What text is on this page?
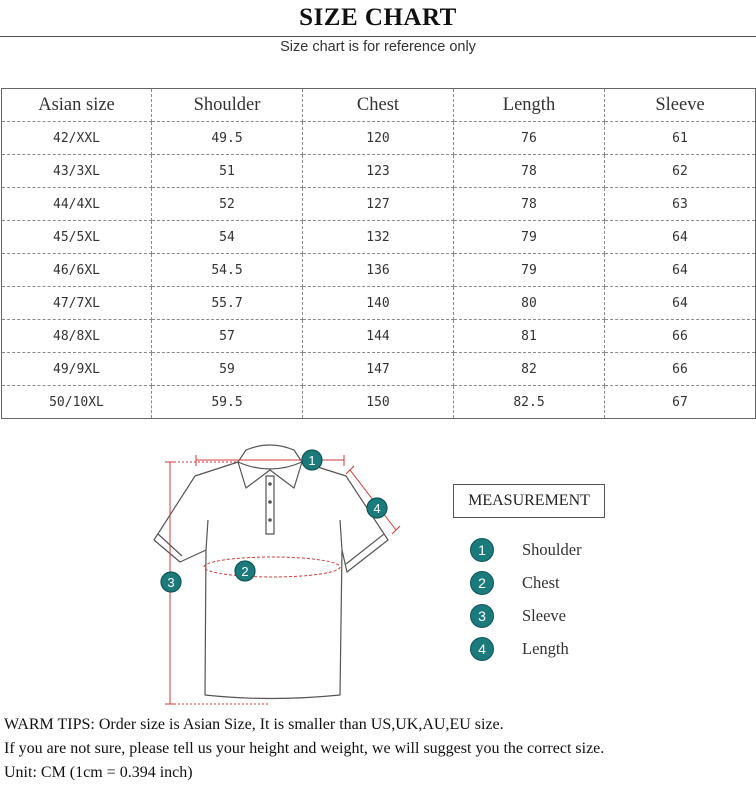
SIZE CHART
Size chart is for reference only
Asian size	Shoulder	Chest	Length	Sleeve
42/XXL	49.5	120	76	61
43/3XL	51	123	78	62
44/4XL	52	127	78	63
45/5XL	54	132	79	64
46/6XL	54.5	136	79	64
47/7XL	55.7	140	80	64
48/8XL	57	144	81	66
49/9XL	59	147	82	66
50/10XL	59.5	150	82.5	67
1
2
3
4	MEASUREMENT
1	Shoulder
2	Chest
3	Sleeve
4	Length
WARM TIPS: Order size is Asian Size, It is smaller than US,UK,AU,EU size.
If you are not sure, please tell us your height and weight, we will suggest you the correct size.
Unit: CM (1cm = 0.394 inch)
